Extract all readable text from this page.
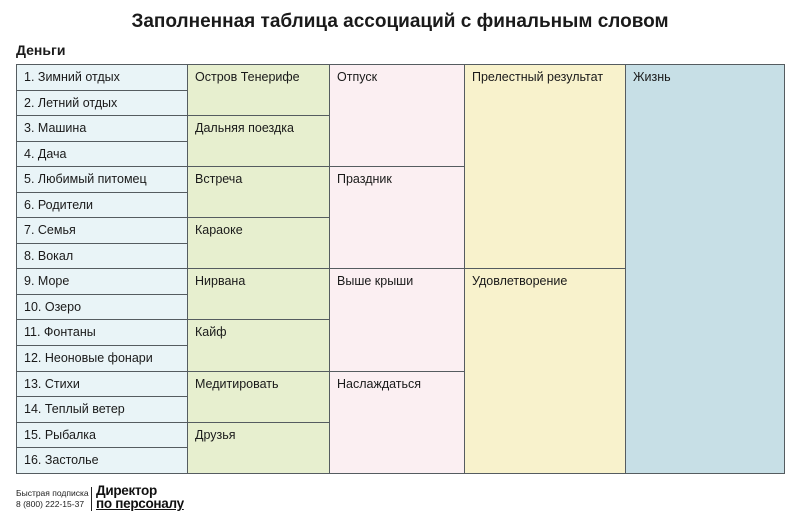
Заполненная таблица ассоциаций с финальным словом
Деньги
1. Зимний отдых	Остров Тенерифе	Отпуск	Прелестный результат	Жизнь
2. Летний отдых				
3. Машина	Дальняя поездка			
4. Дача				
5. Любимый питомец	Встреча	Праздник		
6. Родители				
7. Семья	Караоке			
8. Вокал				
9. Море	Нирвана	Выше крыши	Удовлетворение	
10. Озеро				
11. Фонтаны	Кайф			
12. Неоновые фонари				
13. Стихи	Медитировать	Наслаждаться		
14. Теплый ветер				
15. Рыбалка	Друзья			
16. Застолье				
Быстрая подписка
8 (800) 222-15-37
Директор
по персоналу
